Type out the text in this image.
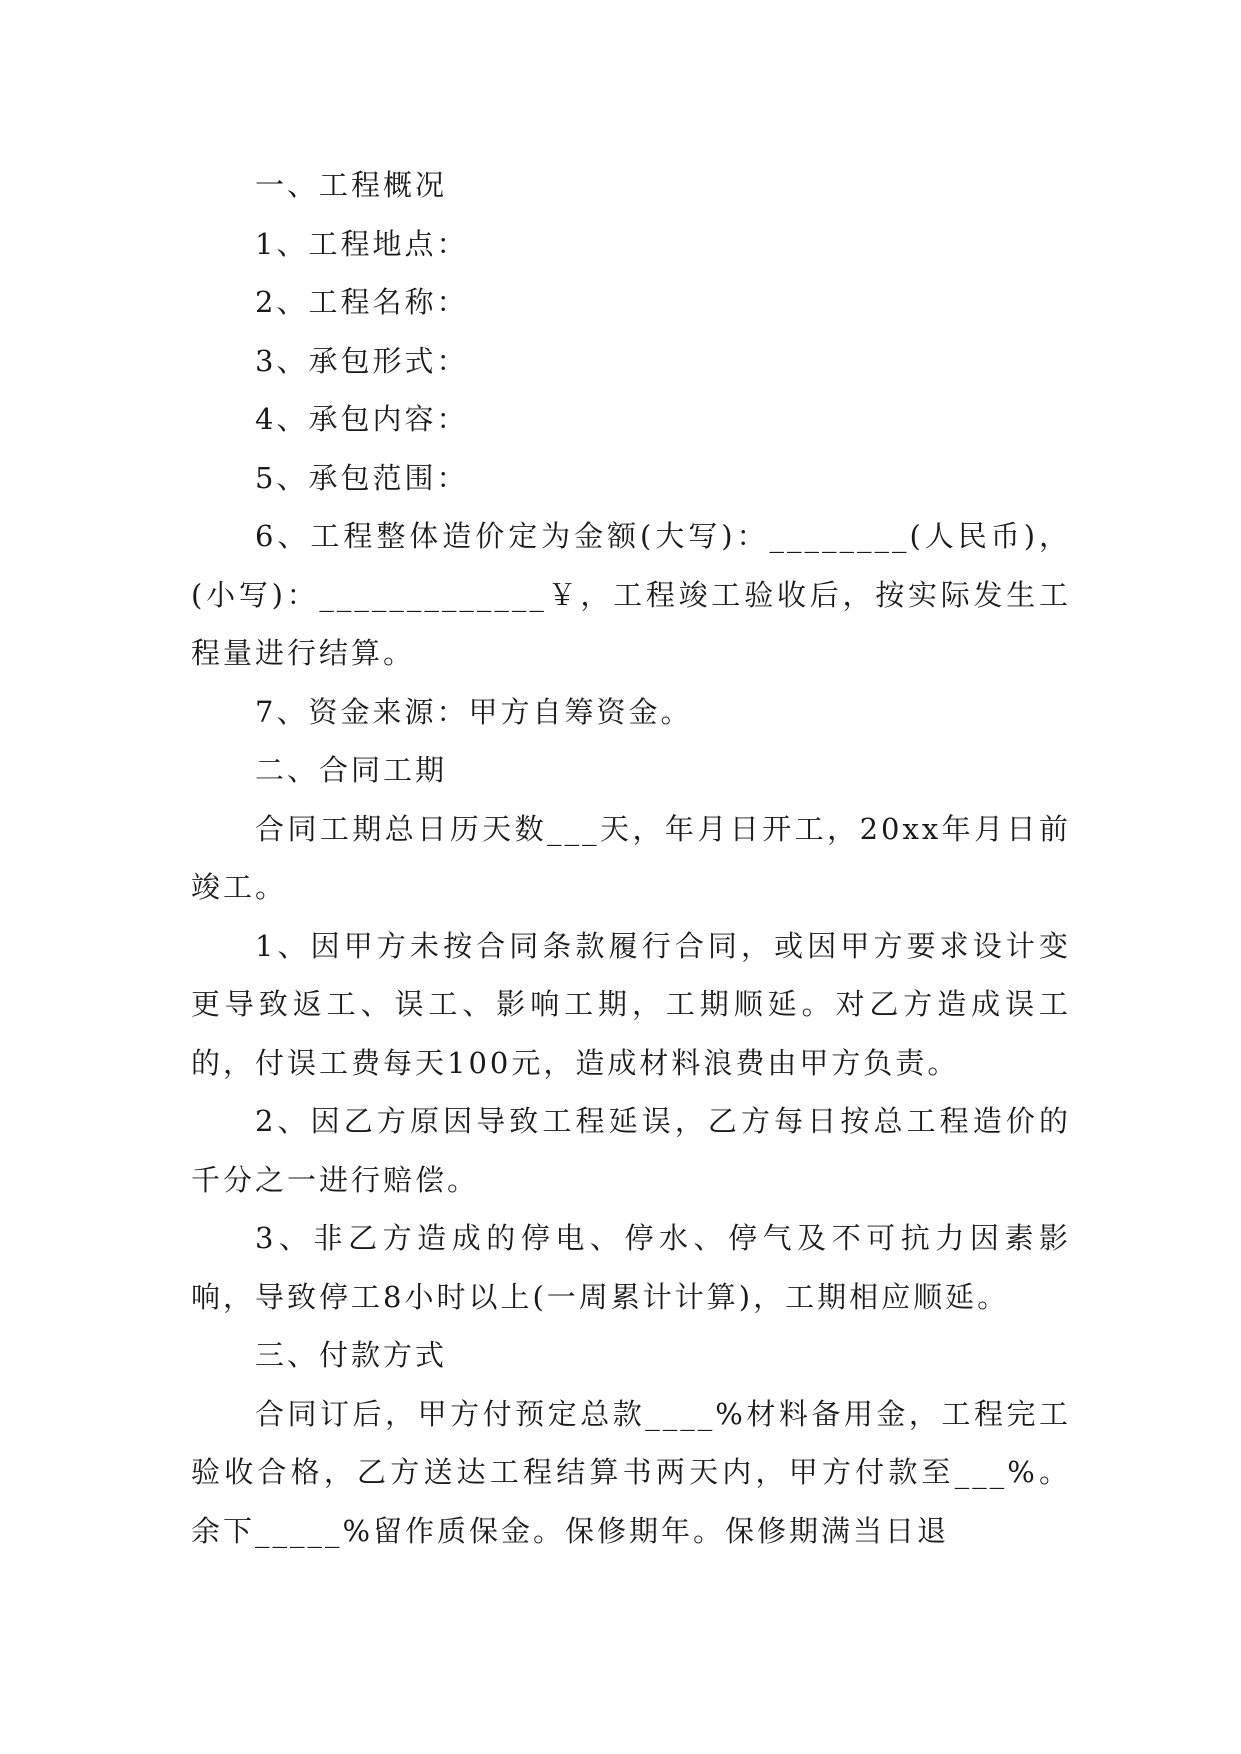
一、工程概况

1、工程地点：

2、工程名称：

3、承包形式：

4、承包内容：

5、承包范围：

6、工程整体造价定为金额(大写)：________(人民币)，(小写)：_____________￥，工程竣工验收后，按实际发生工程量进行结算。

7、资金来源：甲方自筹资金。

二、合同工期

合同工期总日历天数___天，年月日开工，20xx年月日前竣工。

1、因甲方未按合同条款履行合同，或因甲方要求设计变更导致返工、误工、影响工期，工期顺延。对乙方造成误工的，付误工费每天100元，造成材料浪费由甲方负责。

2、因乙方原因导致工程延误，乙方每日按总工程造价的千分之一进行赔偿。

3、非乙方造成的停电、停水、停气及不可抗力因素影响，导致停工8小时以上(一周累计计算)，工期相应顺延。

三、付款方式

合同订后，甲方付预定总款____%材料备用金，工程完工验收合格，乙方送达工程结算书两天内，甲方付款至___%。余下_____%留作质保金。保修期年。保修期满当日退
